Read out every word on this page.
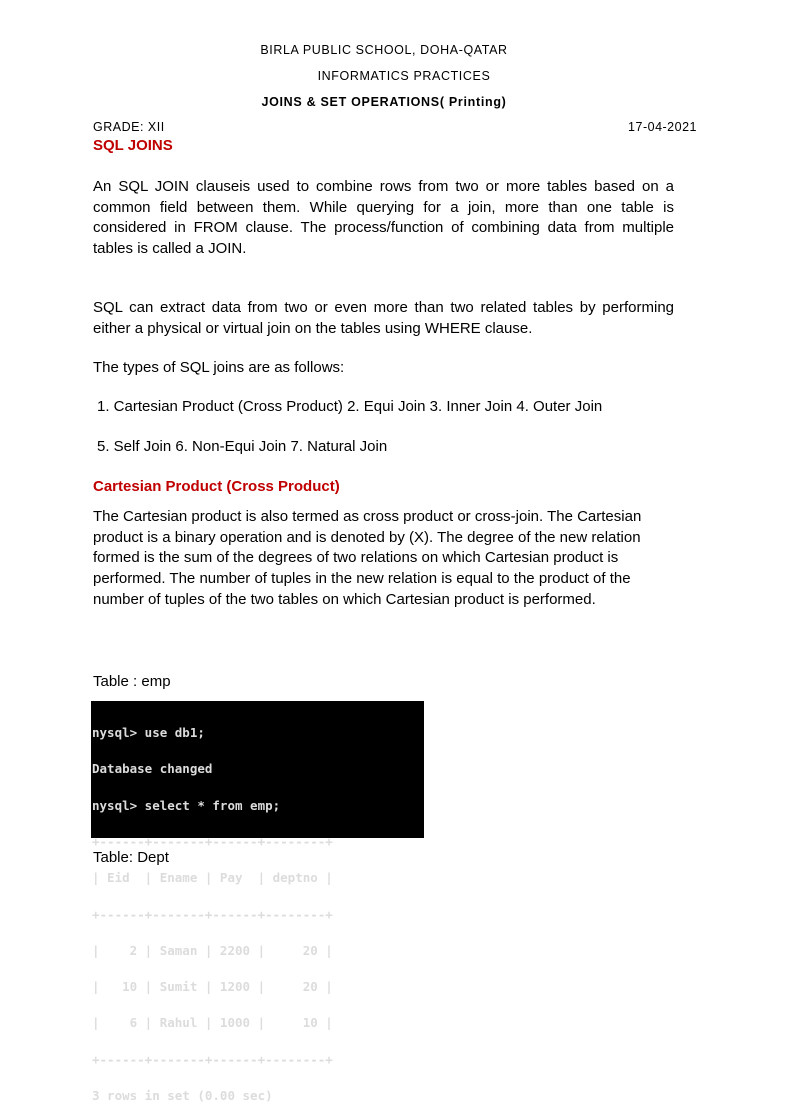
BIRLA PUBLIC SCHOOL, DOHA-QATAR
INFORMATICS PRACTICES
JOINS & SET OPERATIONS( Printing)
GRADE: XII	17-04-2021
SQL JOINS
An SQL JOIN clauseis used to combine rows from two or more tables based on a common field between them. While querying for a join, more than one table is considered in FROM clause. The process/function of combining data from multiple tables is called a JOIN.
SQL can extract data from two or even more than two related tables by performing either a physical or virtual join on the tables using WHERE clause.
The types of SQL joins are as follows:
1. Cartesian Product (Cross Product) 2. Equi Join 3. Inner Join 4. Outer Join
5. Self Join 6. Non-Equi Join 7. Natural Join
Cartesian Product (Cross Product)
The Cartesian product is also termed as cross product or cross-join. The Cartesian product is a binary operation and is denoted by (X). The degree of the new relation formed is the sum of the degrees of two relations on which Cartesian product is performed. The number of tuples in the new relation is equal to the product of the number of tuples of the two tables on which Cartesian product is performed.
Table : emp

nysql> use db1;

Database changed

nysql> select * from emp;

+------+-------+------+--------+

| Eid  | Ename | Pay  | deptno |

+------+-------+------+--------+

|    2 | Saman | 2200 |     20 |

|   10 | Sumit | 1200 |     20 |

|    6 | Rahul | 1000 |     10 |

+------+-------+------+--------+

3 rows in set (0.00 sec)

Table: Dept
